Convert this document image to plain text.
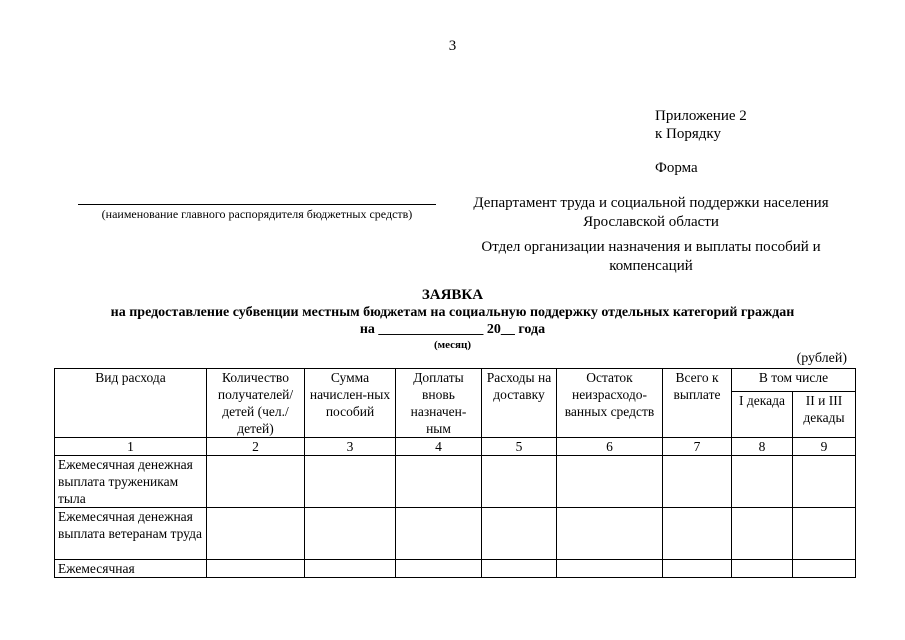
3
Приложение 2
к Порядку
Форма
(наименование главного распорядителя бюджетных средств)
Департамент труда и социальной поддержки населения Ярославской области
Отдел организации назначения и выплаты пособий и компенсаций
ЗАЯВКА
на предоставление субвенции местным бюджетам на социальную поддержку отдельных категорий граждан
на _______________ 20__ года
(месяц)
(рублей)
Вид расхода	Количество получателей/ детей (чел./детей)	Сумма начислен-ных пособий	Доплаты вновь назначен-ным	Расходы на доставку	Остаток неизрасходо-ванных средств	Всего к выплате	В том числе	
							I декада	II и III декады
1	2	3	4	5	6	7	8	9
Ежемесячная денежная выплата труженикам тыла								
Ежемесячная денежная выплата ветеранам труда								
Ежемесячная								
